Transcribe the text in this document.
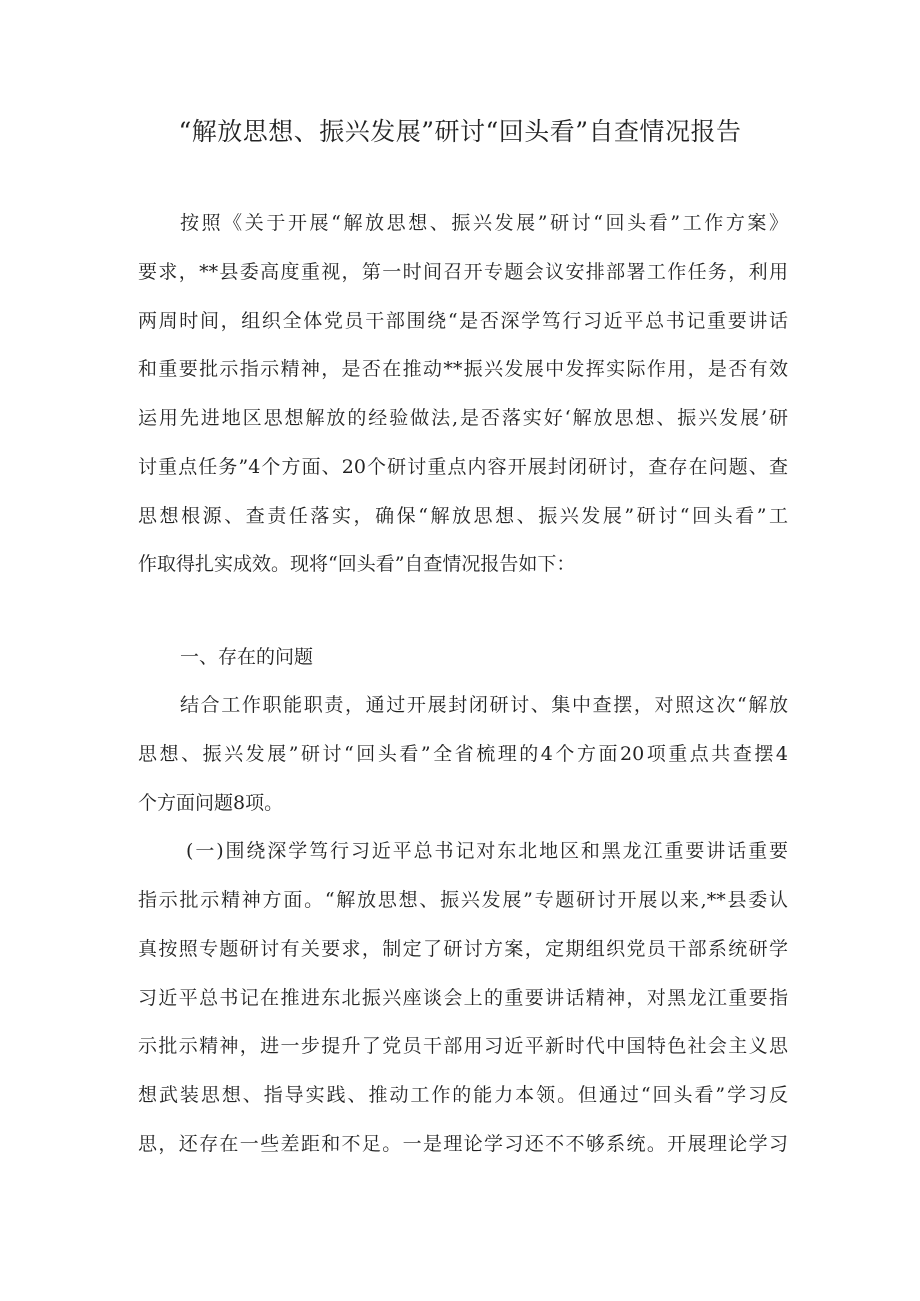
“解放思想、振兴发展”研讨“回头看”自查情况报告
按照《关于开展“解放思想、振兴发展”研讨“回头看”工作方案》
要求，**县委高度重视，第一时间召开专题会议安排部署工作任务，利用
两周时间，组织全体党员干部围绕“是否深学笃行习近平总书记重要讲话
和重要批示指示精神，是否在推动**振兴发展中发挥实际作用，是否有效
运用先进地区思想解放的经验做法,是否落实好‘解放思想、振兴发展’研
讨重点任务”4个方面、20个研讨重点内容开展封闭研讨，查存在问题、查
思想根源、查责任落实，确保“解放思想、振兴发展”研讨“回头看”工
作取得扎实成效。现将“回头看”自查情况报告如下：
一、存在的问题
结合工作职能职责，通过开展封闭研讨、集中查摆，对照这次“解放
思想、振兴发展”研讨“回头看”全省梳理的4个方面20项重点共查摆4
个方面问题8项。
(一)围绕深学笃行习近平总书记对东北地区和黑龙江重要讲话重要
指示批示精神方面。“解放思想、振兴发展”专题研讨开展以来,**县委认
真按照专题研讨有关要求，制定了研讨方案，定期组织党员干部系统研学
习近平总书记在推进东北振兴座谈会上的重要讲话精神，对黑龙江重要指
示批示精神，进一步提升了党员干部用习近平新时代中国特色社会主义思
想武装思想、指导实践、推动工作的能力本领。但通过“回头看”学习反
思，还存在一些差距和不足。一是理论学习还不不够系统。开展理论学习
